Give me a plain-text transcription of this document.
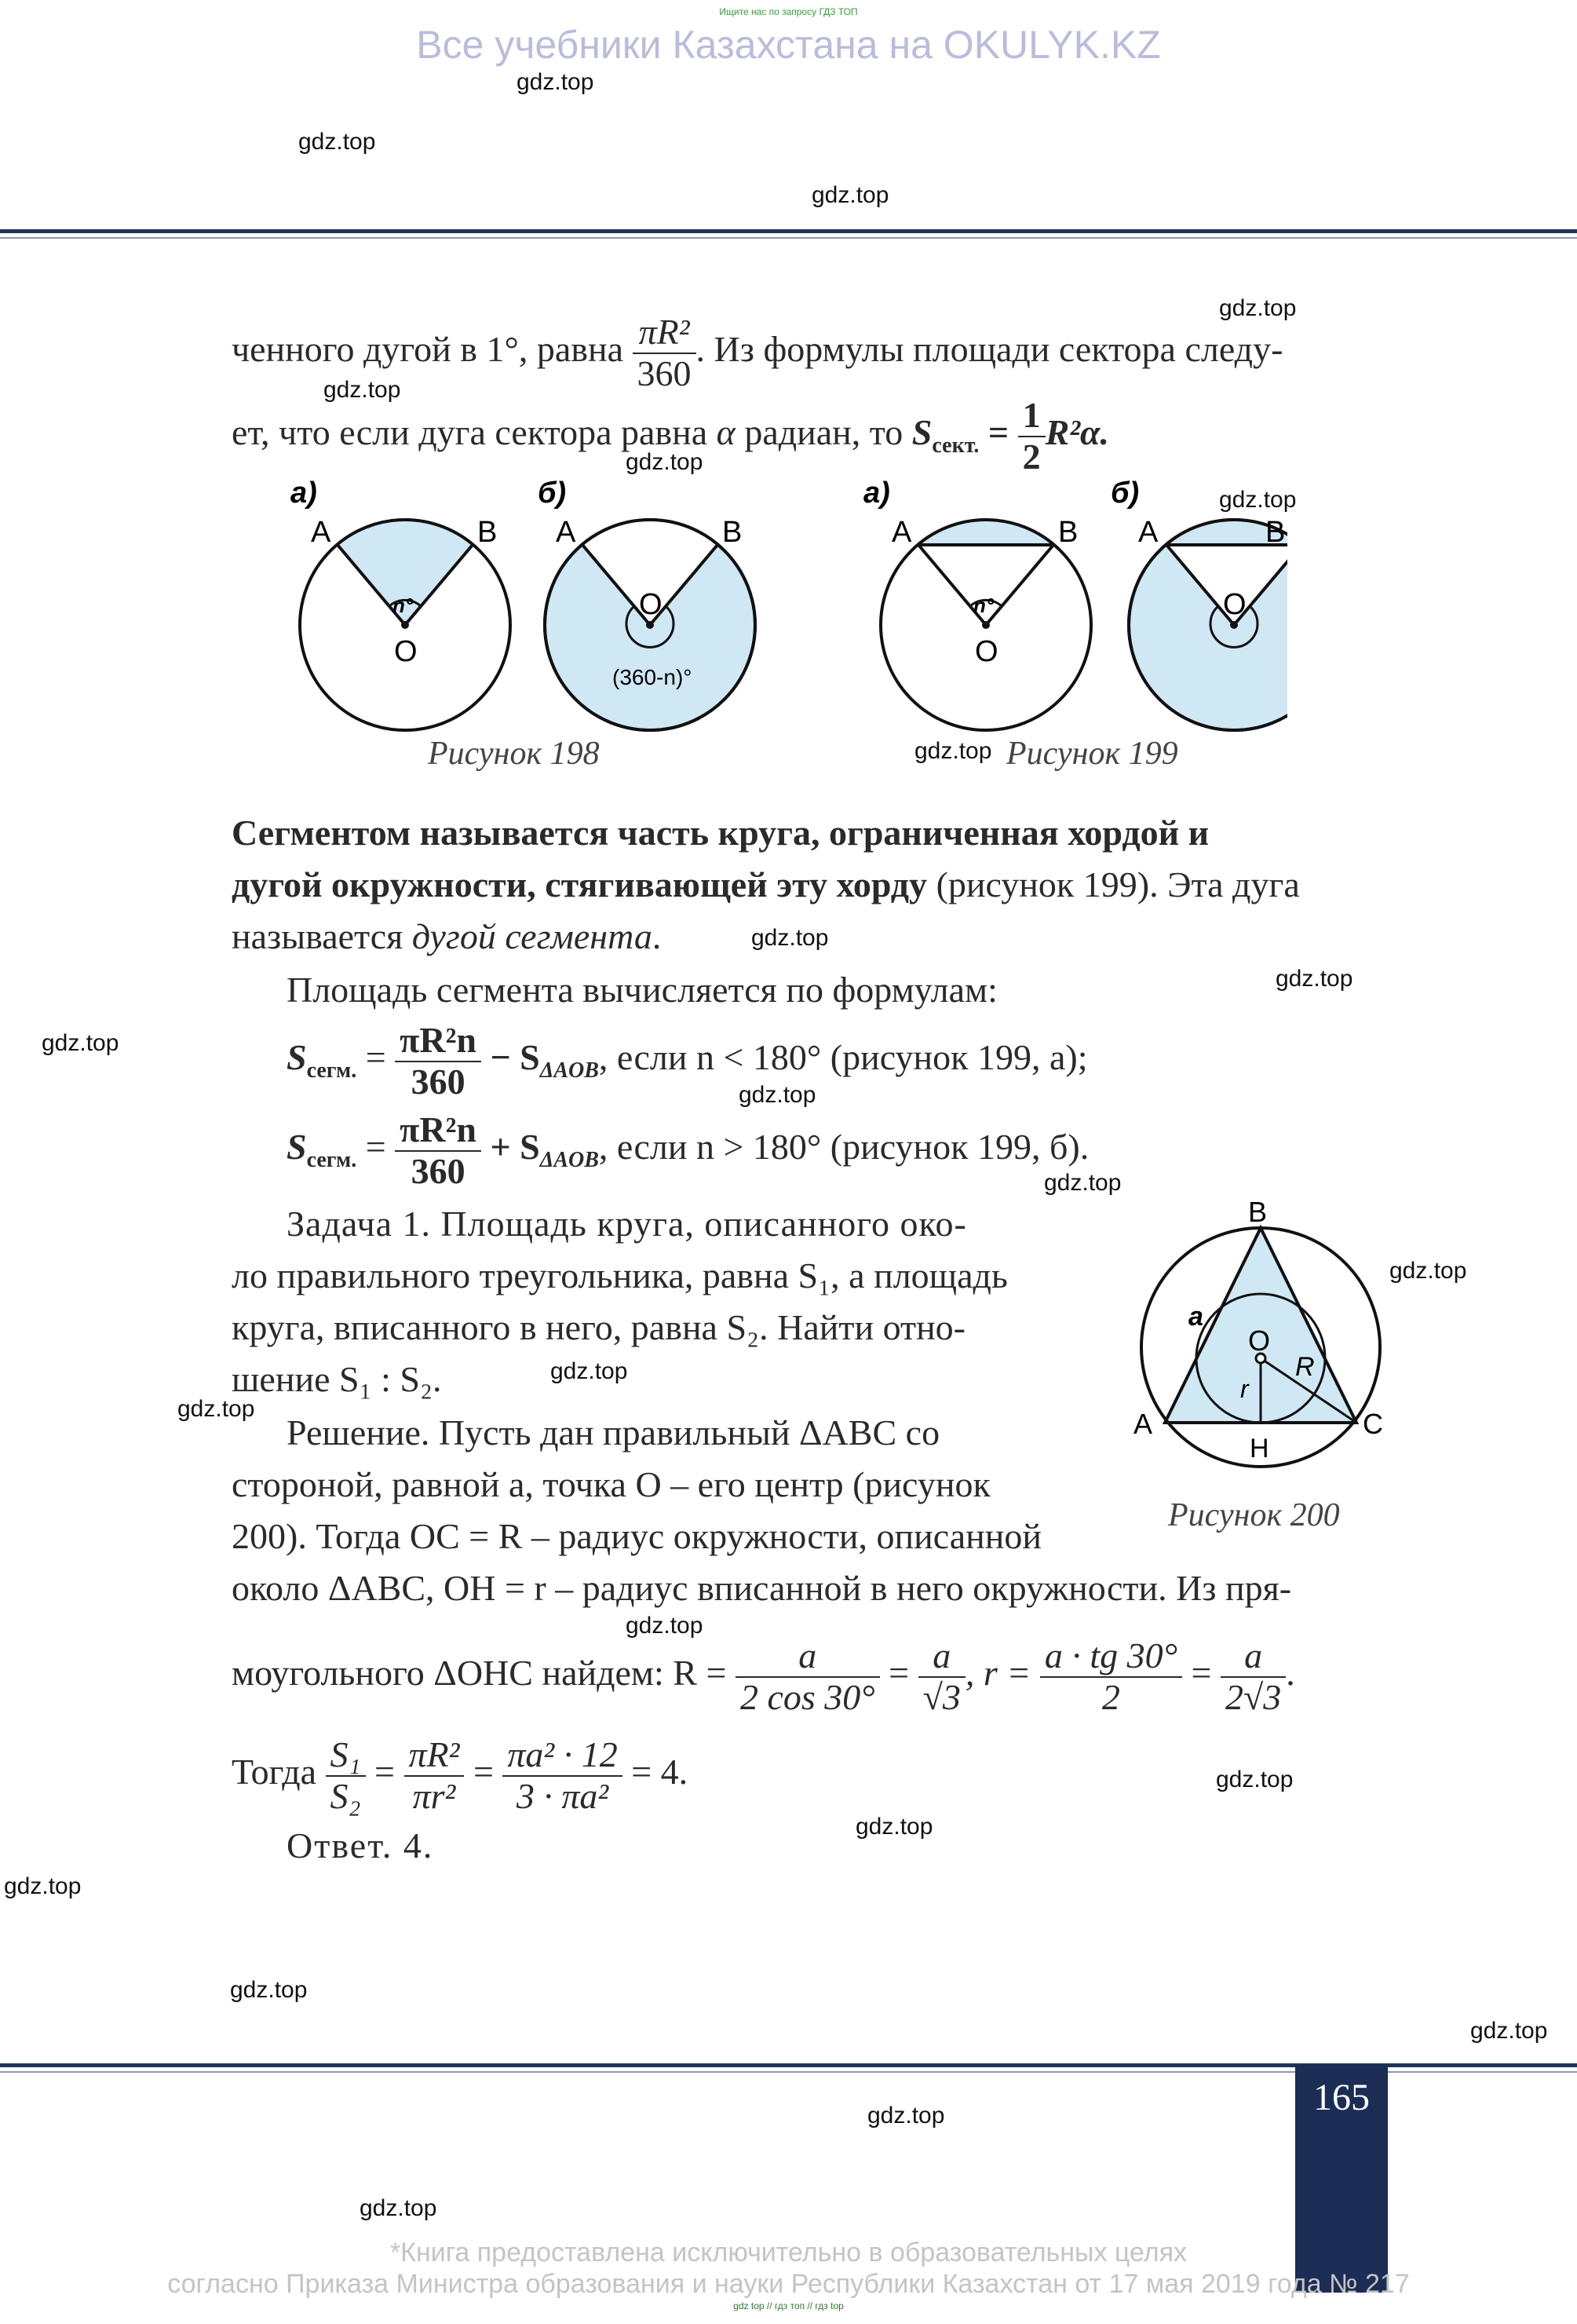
Ищите нас по запросу ГДЗ ТОП
Все учебники Казахстана на OKULYK.KZ
gdz.top
gdz.top
gdz.top
gdz.top
gdz.top
gdz.top
gdz.top
gdz.top
gdz.top
gdz.top
gdz.top
gdz.top
gdz.top
gdz.top
gdz.top
gdz.top
gdz.top
gdz.top
gdz.top
gdz.top
gdz.top
gdz.top
gdz.top
gdz.top
ченного дугой в 1°, равна $\frac{\text{πR²}}{360}$ . Из формулы площади сектора следу-
ет, что если дуга сектора равна α радиан, то $S_{сект.} = \frac{1}{2} R^2\alpha$.
а)
n°
A	B
O
б)
A	B
O
(360-n)°
а)
n°
A	B
O
б)
A	B
O
Рисунок 198	Рисунок 199
Сегментом называется часть круга, ограниченная хордой и
дугой окружности, стягивающей эту хорду (рисунок 199). Эта дуга
называется дугой сегмента.
Площадь сегмента вычисляется по формулам:
$S_{сегм.} = \frac{\text{πR²n}}{360} - S_{\Delta AOB}$, если n < 180° (рисунок 199, а);
$S_{сегм.} = \frac{\text{πR²n}}{360} + S_{\Delta AOB}$, если n > 180° (рисунок 199, б).
Задача 1. Площадь круга, описанного око-
ло правильного треугольника, равна S₁, а площадь
круга, вписанного в него, равна S₂. Найти отно-
шение S₁ : S₂.
Решение. Пусть дан правильный ΔABC со
стороной, равной a, точка O – его центр (рисунок
200). Тогда OC = R – радиус окружности, описанной
около ΔABC, OH = r – радиус вписанной в него окружности. Из пря-
B
A	C
O
H
a
R
r
Рисунок 200
моугольного ΔOHC найдем: $R = \frac{a}{2 \cos 30^\circ} = \frac{a}{√3}$ , $r = \frac{a \cdot tg 30^\circ}{2} = \frac{a}{2√3}$ .
Тогда $\frac{\text{S₁}}{\text{S₂}} = \frac{\text{πR²}}{\text{πr²}} = \frac{\text{πa² · 12}}{\text{3 · πa²}} = 4$.
Ответ. 4.
165
*Книга предоставлена исключительно в образовательных целях
согласно Приказа Министра образования и науки Республики Казахстан от 17 мая 2019 года № 217
gdz top // гдз топ // гдз top
